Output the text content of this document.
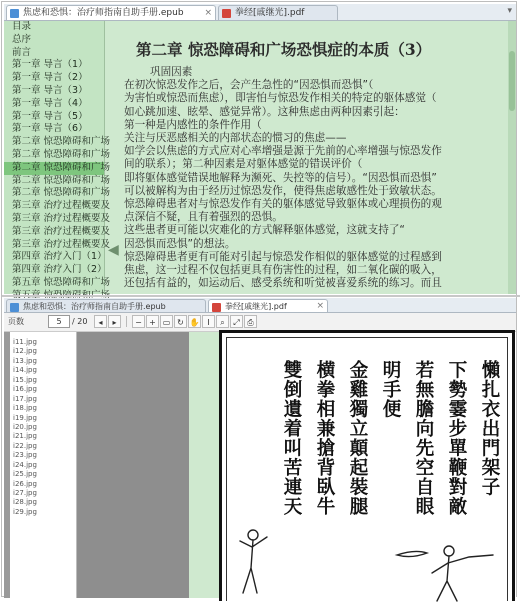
焦虑和恐惧：治疗师指南自助手册.epub ×	拳经[戚继光].pdf	▾
目录
总序
前言
第一章 导言（1）
第一章 导言（2）
第一章 导言（3）
第一章 导言（4）
第一章 导言（5）
第一章 导言（6）
第二章 惊恐障碍和广场
第二章 惊恐障碍和广场
第二章 惊恐障碍和广场
第二章 惊恐障碍和广场
第二章 惊恐障碍和广场
第三章 治疗过程概要及
第三章 治疗过程概要及
第三章 治疗过程概要及
第三章 治疗过程概要及
第四章 治疗入门（1）
第四章 治疗入门（2）
第五章 惊恐障碍和广场
◀
第二章 惊恐障碍和广场恐惧症的本质（3）
巩固因素
在初次惊恐发作之后，会产生急性的“因恐惧而恐惧”（
为害怕或惊恐而焦虑），即害怕与惊恐发作相关的特定的躯体感觉（
如心跳加速、眩晕、感觉异常）。这种焦虑由两种因素引起：
第一种是内感性的条件作用（
关注与厌恶感相关的内部状态的惯习的焦虑——
如学会以焦虑的方式应对心率增强是源于先前的心率增强与惊恐发作
间的联系）；第二种因素是对躯体感觉的错误评价（
即将躯体感觉错误地解释为濒死、失控等的信号）。“因恐惧而恐惧”
可以被解构为由于经历过惊恐发作，使得焦虑敏感性处于致敏状态。
惊恐障碍患者对与惊恐发作有关的躯体感觉导致躯体或心理损伤的观
点深信不疑，且有着强烈的恐惧。
这些患者更可能以灾难化的方式解释躯体感觉，这就支持了“
因恐惧而恐惧”的想法。
惊恐障碍患者更有可能对引起与惊恐发作相似的躯体感觉的过程感到
焦虑，这一过程不仅包括更具有伤害性的过程，如二氧化碳的吸入，
还包括有益的，如运动后、感受系统和听觉被喜爱系统的练习。而且
焦虑和恐惧：治疗师指南自助手册.epub	拳经[戚继光].pdf	×
页数
5	/ 20	◂	▸	− + ▭ ↻ ✋ I	⌕	⤢ ⎙
i11.jpg
i12.jpg
i13.jpg
i14.jpg
i15.jpg
i16.jpg
i17.jpg
i18.jpg
i19.jpg
i20.jpg
i21.jpg
i22.jpg
i23.jpg
i24.jpg
i25.jpg
i26.jpg
i27.jpg
i28.jpg
i29.jpg
懶扎衣出門架子
下勢霎步單鞭對敵
若無膽向先空自眼
明手便
金雞獨立顛起裝腿
横拳相兼搶背臥牛
雙倒遺着叫苦連天
